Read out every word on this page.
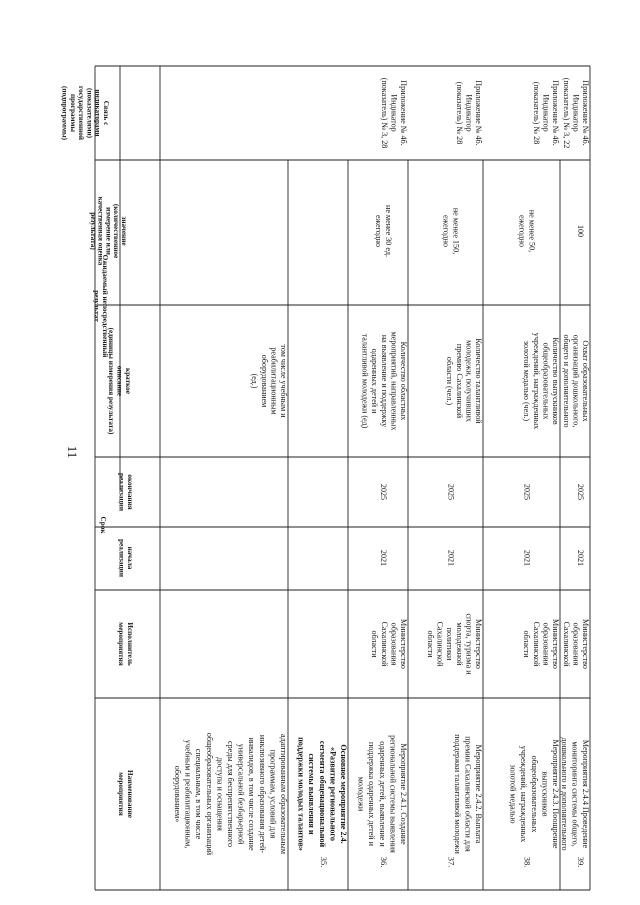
11
Наименование
мероприятия
Исполнитель
мероприятия
Срок
начала
реализации
окончания
реализации
Ожидаемый непосредственный
результат
краткое
описание
(единицы измерения результата)
значение
(количественное
измерение или
качественная оценка
результата)
Связь с
индикаторами
(показателями)
государственной
программы
(подпрограммы)
адаптированным образовательным
программам, условий для
инклюзивного образования детей-
инвалидов, в том числе создание
универсальной безбарьерной
среды для беспрепятственного
доступа и оснащения
общеобразовательных организаций
специальным, в том числе
учебным и реабилитационным,
оборудованием»
том числе учебным и
реабилитационным
оборудованием
(ед.)
35.
Основное мероприятие 2.4.
«Развитие регионального
сегмента общенациональной
системы выявления и
поддержки молодых талантов»
36.
Мероприятие 2.4.1. Создание
региональной системы выявления
одаренных детей, выявление и
поддержка одаренных детей и
молодежи
Министерство
образования
Сахалинской
области
2021
2025
Количество областных
мероприятий, направленных
на выявление и поддержку
одаренных детей и
талантливой молодежи (ед)
не менее 30 ед.
ежегодно
Приложение № 4б.
Индикатор
(показатель) № 3, 28
37.
Мероприятие 2.4.2. Выплата
премии Сахалинской области для
поддержки талантливой молодежи
Министерство
спорта, туризма и
молодежной
политики
Сахалинской
области
2021
2025
Количество талантливой
молодежи, получивших
премию Сахалинской
области (чел.)
не менее 150,
ежегодно
Приложение № 4б.
Индикатор
(показатель) № 28
38.
Мероприятие 2.4.3. Поощрение
выпускников
общеобразовательных
учреждений, награжденных
золотой медалью
Министерство
образования
Сахалинской
области
2021
2025
Количество выпускников
общеобразовательных
учреждений, награжденных
золотой медалью (чел.)
не менее 50,
ежегодно
Приложение № 4б.
Индикатор
(показатель) № 28
39.
Мероприятия 2.4.4 Проведение
мониторинга системы общего,
дошкольного и дополнительного
Министерство
образования
Сахалинской
2021
2025
Охват образовательных
организаций дошкольного,
общего и дополнительного
100
Приложение № 4б.
Индикатор
(показатель) № 3, 22
